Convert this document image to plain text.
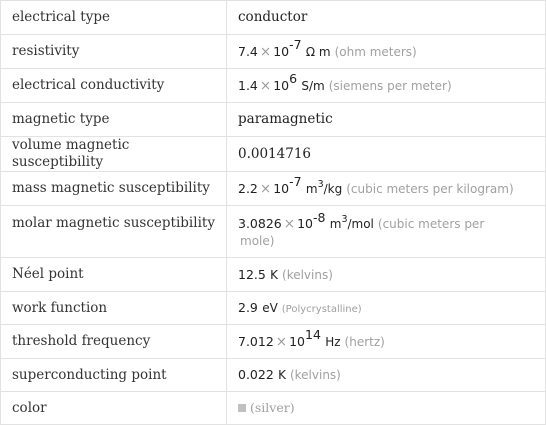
electrical type	conductor
resistivity	$7.4 \times 10^{-7}$ Ω m (ohm meters)
electrical conductivity	$1.4 \times 10^6$ S/m (siemens per meter)
magnetic type	paramagnetic
volume magnetic susceptibility	0.0014716
mass magnetic susceptibility	$2.2 \times 10^{-7}$ $m^3/kg$ (cubic meters per kilogram)
molar magnetic susceptibility	$3.0826 \times 10^{-8}$ $m^3$/mol (cubic meters per
mole)
Néel point	12.5 K (kelvins)
work function	2.9 eV (Polycrystalline)
threshold frequency	$7.012 \times 10^{14}$ Hz (hertz)
superconducting point	0.022 K (kelvins)
color	(silver)
